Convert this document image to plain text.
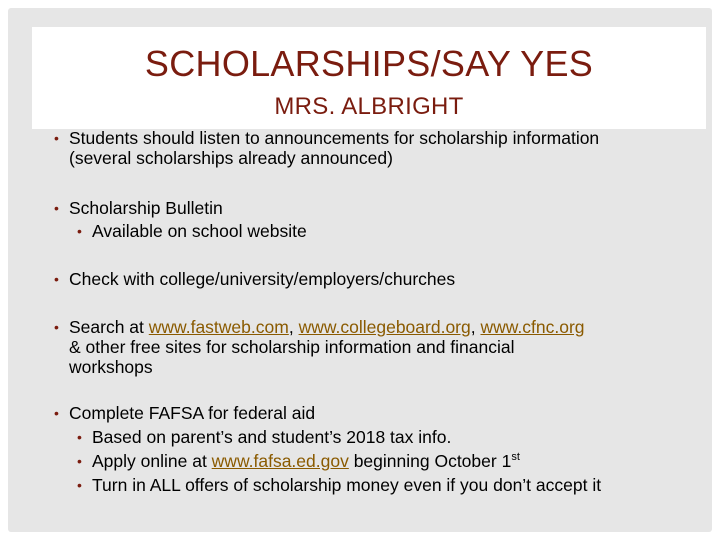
SCHOLARSHIPS/SAY YES
MRS. ALBRIGHT
• Students should listen to announcements for scholarship information
(several scholarships already announced)
• Scholarship Bulletin
• Available on school website
• Check with college/university/employers/churches
• Search at www.fastweb.com, www.collegeboard.org, www.cfnc.org
& other free sites for scholarship information and financial
workshops
• Complete FAFSA for federal aid
• Based on parent’s and student’s 2018 tax info.
• Apply online at www.fafsa.ed.gov beginning October 1st
• Turn in ALL offers of scholarship money even if you don’t accept it
